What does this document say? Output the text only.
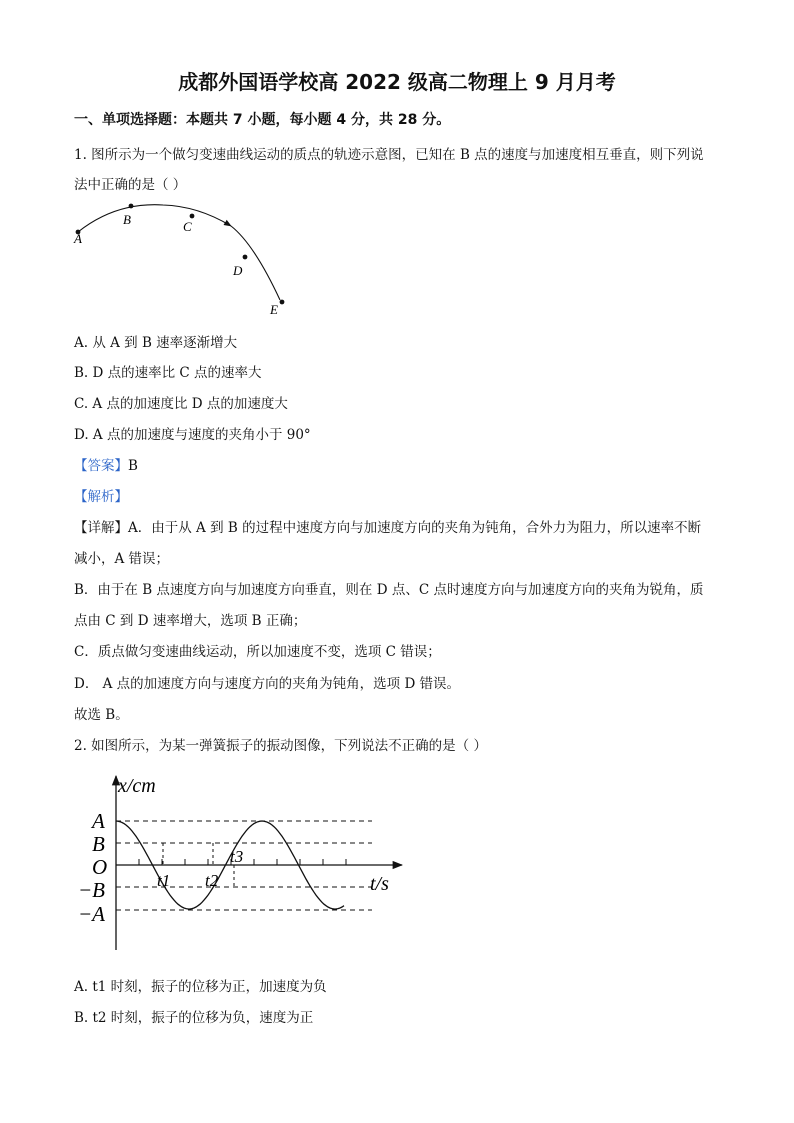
成都外国语学校高 2022 级高二物理上 9 月月考
一、单项选择题：本题共 7 小题，每小题 4 分，共 28 分。
1. 图所示为一个做匀变速曲线运动的质点的轨迹示意图，已知在 B 点的速度与加速度相互垂直，则下列说
法中正确的是（ ）
A
B	C
D
E
A. 从 A 到 B 速率逐渐增大
B. D 点的速率比 C 点的速率大
C. A 点的加速度比 D 点的加速度大
D. A 点的加速度与速度的夹角小于 90°
【答案】B
【解析】
【详解】A．由于从 A 到 B 的过程中速度方向与加速度方向的夹角为钝角，合外力为阻力，所以速率不断
减小，A 错误；
B．由于在 B 点速度方向与加速度方向垂直，则在 D 点、C 点时速度方向与加速度方向的夹角为锐角，质
点由 C 到 D 速率增大，选项 B 正确；
C．质点做匀变速曲线运动，所以加速度不变，选项 C 错误；
D． A 点的加速度方向与速度方向的夹角为钝角，选项 D 错误。
故选 B。
2. 如图所示，为某一弹簧振子的振动图像，下列说法不正确的是（ ）
x/cm
A
B
O
−B
−A
t/s
t1 t2
t3
A. t1 时刻，振子的位移为正，加速度为负
B. t2 时刻，振子的位移为负，速度为正
